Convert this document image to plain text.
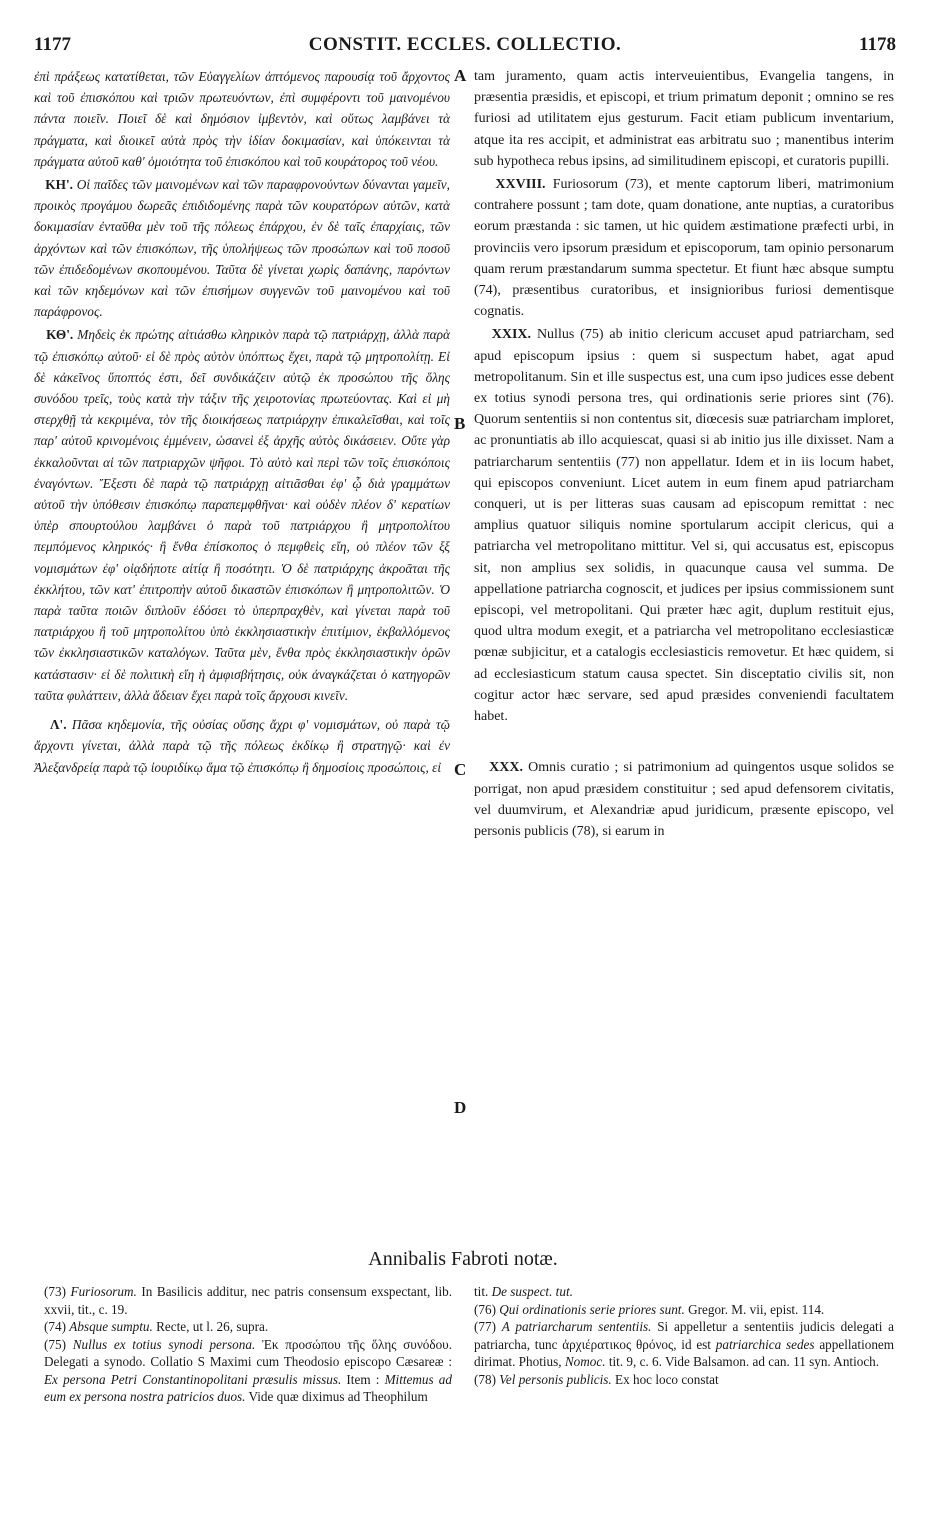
1177	CONSTIT. ECCLES. COLLECTIO.	1178
A
B
C
D

ἐπὶ πράξεως κατατίθεται, τῶν Εὐαγγελίων ἀπτόμενος παρουσίᾳ τοῦ ἄρχοντος καὶ τοῦ ἐπισκόπου καὶ τριῶν πρωτευόντων, ἐπὶ συμφέροντι τοῦ μαινομένου πάντα ποιεῖν. Ποιεῖ δὲ καὶ δημόσιον ἰμβεντὸν, καὶ οὕτως λαμβάνει τὰ πράγματα, καὶ διοικεῖ αὐτὰ πρὸς τὴν ἰδίαν δοκιμασίαν, καὶ ὑπόκεινται τὰ πράγματα αὐτοῦ καθ' ὁμοιότητα τοῦ ἐπισκόπου καὶ τοῦ κουράτορος τοῦ νέου.

ΚΗ'. Οἱ παῖδες τῶν μαινομένων καὶ τῶν παραφρονούντων δύνανται γαμεῖν, προικὸς προγάμου δωρεᾶς ἐπιδιδομένης παρὰ τῶν κουρατόρων αὐτῶν, κατὰ δοκιμασίαν ἐνταῦθα μὲν τοῦ τῆς πόλεως ἐπάρχου, ἐν δὲ ταῖς ἐπαρχίαις, τῶν ἀρχόντων καὶ τῶν ἐπισκόπων, τῆς ὑπολήψεως τῶν προσώπων καὶ τοῦ ποσοῦ τῶν ἐπιδεδομένων σκοπουμένου. Ταῦτα δὲ γίνεται χωρὶς δαπάνης, παρόντων καὶ τῶν κηδεμόνων καὶ τῶν ἐπισήμων συγγενῶν τοῦ μαινομένου καὶ τοῦ παράφρονος.

ΚΘ'. Μηδεὶς ἐκ πρώτης αἰτιάσθω κληρικὸν παρὰ τῷ πατριάρχῃ, ἀλλὰ παρὰ τῷ ἐπισκόπῳ αὐτοῦ· εἰ δὲ πρὸς αὐτὸν ὑπόπτως ἔχει, παρὰ τῷ μητροπολίτῃ. Εἰ δὲ κἀκεῖνος ὕποπτός ἐστι, δεῖ συνδικάζειν αὐτῷ ἐκ προσώπου τῆς ὅλης συνόδου τρεῖς, τοὺς κατὰ τὴν τάξιν τῆς χειροτονίας πρωτεύοντας. Καὶ εἰ μὴ στερχθῇ τὰ κεκριμένα, τὸν τῆς διοικήσεως πατριάρχην ἐπικαλεῖσθαι, καὶ τοῖς παρ' αὐτοῦ κρινομένοις ἐμμένειν, ὡσανεὶ ἐξ ἀρχῆς αὐτὸς δικάσειεν. Οὔτε γὰρ ἐκκαλοῦνται αἱ τῶν πατριαρχῶν ψῆφοι. Τὸ αὐτὸ καὶ περὶ τῶν τοῖς ἐπισκόποις ἐναγόντων. Ἔξεστι δὲ παρὰ τῷ πατριάρχῃ αἰτιᾶσθαι ἐφ' ᾧ διὰ γραμμάτων αὐτοῦ τὴν ὑπόθεσιν ἐπισκόπῳ παραπεμφθῆναι· καὶ οὐδὲν πλέον δ' κερατίων ὑπὲρ σπουρτούλου λαμβάνει ὁ παρὰ τοῦ πατριάρχου ἢ μητροπολίτου πεμπόμενος κληρικός· ἢ ἔνθα ἐπίσκοπος ὁ πεμφθεὶς εἴη, οὐ πλέον τῶν ξξ νομισμάτων ἐφ' οἱᾳδήποτε αἰτίᾳ ἢ ποσότητι. Ὁ δὲ πατριάρχης ἀκροᾶται τῆς ἐκκλήτου, τῶν κατ' ἐπιτροπὴν αὐτοῦ δικαστῶν ἐπισκόπων ἢ μητροπολιτῶν. Ὁ παρὰ ταῦτα ποιῶν διπλοῦν ἐδόσει τὸ ὑπερπραχθὲν, καὶ γίνεται παρὰ τοῦ πατριάρχου ἢ τοῦ μητροπολίτου ὑπὸ ἐκκλησιαστικὴν ἐπιτίμιον, ἐκβαλλόμενος τῶν ἐκκλησιαστικῶν καταλόγων. Ταῦτα μὲν, ἔνθα πρὸς ἐκκλησιαστικὴν ὁρῶν κατάστασιν· εἰ δὲ πολιτικὴ εἴη ἡ ἀμφισβήτησις, οὐκ ἀναγκάζεται ὁ κατηγορῶν ταῦτα φυλάττειν, ἀλλὰ ἄδειαν ἔχει παρὰ τοῖς ἄρχουσι κινεῖν.

Λ'. Πᾶσα κηδεμονία, τῆς οὐσίας οὔσης ἄχρι φ' νομισμάτων, οὐ παρὰ τῷ ἄρχοντι γίνεται, ἀλλὰ παρὰ τῷ τῆς πόλεως ἐκδίκῳ ἢ στρατηγῷ· καὶ ἐν Ἀλεξανδρείᾳ παρὰ τῷ ἰουριδίκῳ ἅμα τῷ ἐπισκόπῳ ἢ δημοσίοις προσώποις, εἰ

tam juramento, quam actis interveuientibus, Evangelia tangens, in præsentia præsidis, et episcopi, et trium primatum deponit ; omnino se res furiosi ad utilitatem ejus gesturum. Facit etiam publicum inventarium, atque ita res accipit, et administrat eas arbitratu suo ; manentibus interim sub hypotheca rebus ipsins, ad similitudinem episcopi, et curatoris pupilli.

XXVIII. Furiosorum (73), et mente captorum liberi, matrimonium contrahere possunt ; tam dote, quam donatione, ante nuptias, a curatoribus eorum præstanda : sic tamen, ut hic quidem æstimatione præfecti urbi, in provinciis vero ipsorum præsidum et episcoporum, tam opinio personarum quam rerum præstandarum summa spectetur. Et fiunt hæc absque sumptu (74), præsentibus curatoribus, et insignioribus furiosi dementisque cognatis.

XXIX. Nullus (75) ab initio clericum accuset apud patriarcham, sed apud episcopum ipsius : quem si suspectum habet, agat apud metropolitanum. Sin et ille suspectus est, una cum ipso judices esse debent ex totius synodi persona tres, qui ordinationis serie priores sint (76). Quorum sententiis si non contentus sit, diœcesis suæ patriarcham imploret, ac pronuntiatis ab illo acquiescat, quasi si ab initio jus ille dixisset. Nam a patriarcharum sententiis (77) non appellatur. Idem et in iis locum habet, qui episcopos conveniunt. Licet autem in eum finem apud patriarcham conqueri, ut is per litteras suas causam ad episcopum remittat : nec amplius quatuor siliquis nomine sportularum accipit clericus, qui a patriarcha vel metropolitano mittitur. Vel si, qui accusatus est, episcopus sit, non amplius sex solidis, in quacunque causa vel summa. De appellatione patriarcha cognoscit, et judices per ipsius commissionem sunt episcopi, vel metropolitani. Qui præter hæc agit, duplum restituit ejus, quod ultra modum exegit, et a patriarcha vel metropolitano ecclesiasticæ pœnæ subjicitur, et a catalogis ecclesiasticis removetur. Et hæc quidem, si ad ecclesiasticum statum causa spectet. Sin disceptatio civilis sit, non cogitur actor hæc servare, sed apud præsides conveniendi facultatem habet.

XXX. Omnis curatio ; si patrimonium ad quingentos usque solidos se porrigat, non apud præsidem constituitur ; sed apud defensorem civitatis, vel duumvirum, et Alexandriæ apud juridicum, præsente episcopo, vel personis publicis (78), si earum in

Annibalis Fabroti notæ.

(73) Furiosorum. In Basilicis additur, nec patris consensum exspectant, lib. xxvii, tit., c. 19.

(74) Absque sumptu. Recte, ut l. 26, supra.

(75) Nullus ex totius synodi persona. Ἐκ προσώπου τῆς ὅλης συνόδου. Delegati a synodo. Collatio S Maximi cum Theodosio episcopo Cæsareæ : Ex persona Petri Constantinopolitani præsulis missus. Item : Mittemus ad eum ex persona nostra patricios duos. Vide quæ diximus ad Theophilum

tit. De suspect. tut.

(76) Qui ordinationis serie priores sunt. Gregor. M. vii, epist. 114.

(77) A patriarcharum sententiis. Si appelletur a sententiis judicis delegati a patriarcha, tunc ἀρχιέρατικος θρόνος, id est patriarchica sedes appellationem dirimat. Photius, Nomoc. tit. 9, c. 6. Vide Balsamon. ad can. 11 syn. Antioch.

(78) Vel personis publicis. Ex hoc loco constat
